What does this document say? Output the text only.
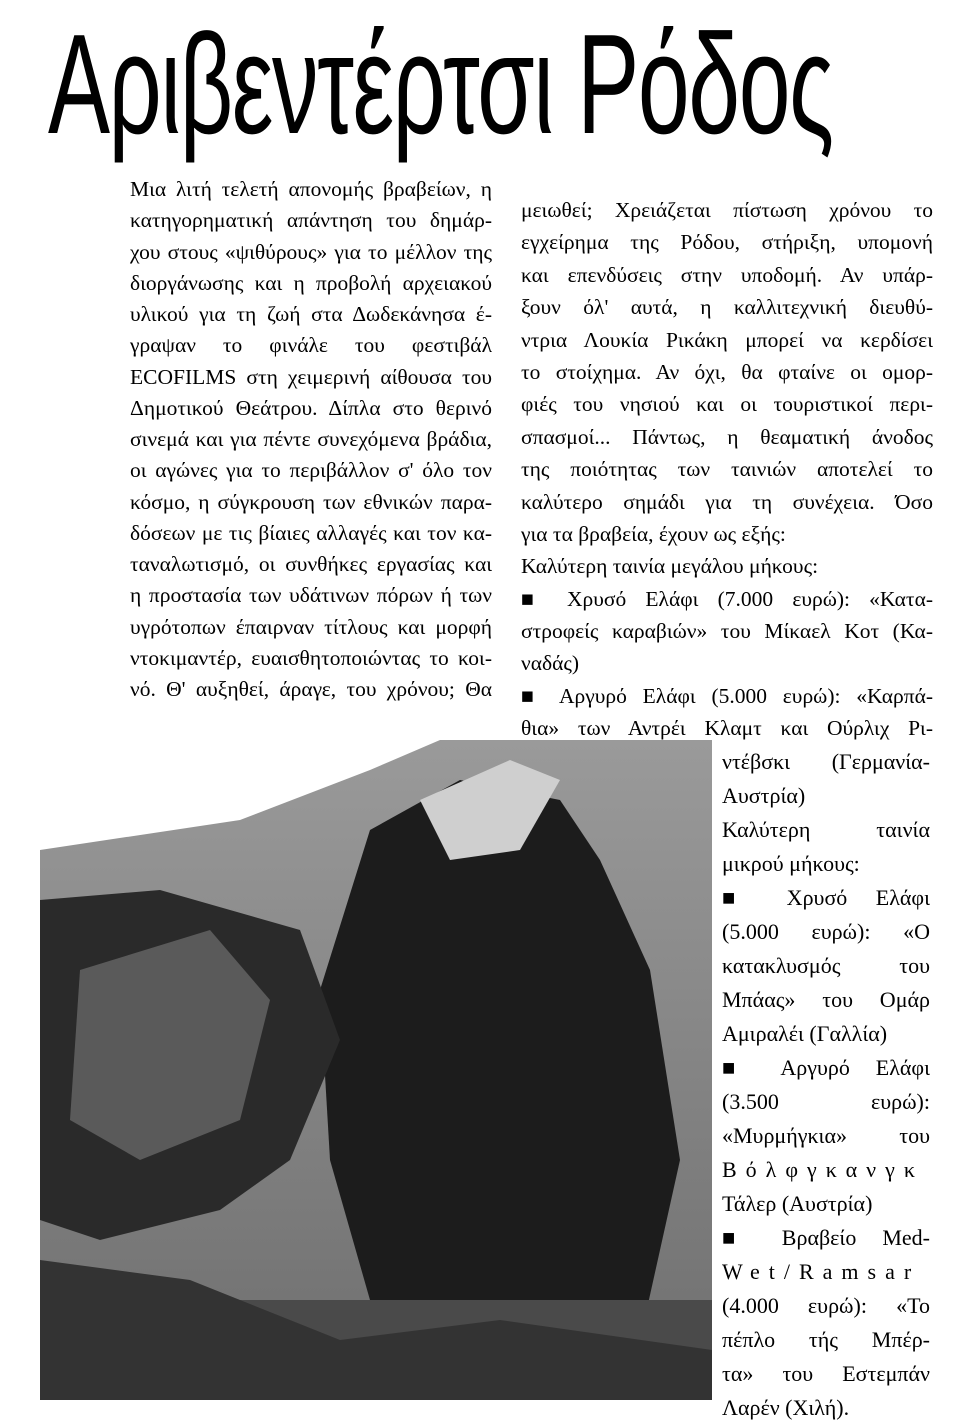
Αριβεντέρτσι Ρόδος
Μια λιτή τελετή απονομής βραβείων, η
κατηγορηματική απάντηση του δημάρ-
χου στους «ψιθύρους» για το μέλλον της
διοργάνωσης και η προβολή αρχειακού
υλικού για τη ζωή στα Δωδεκάνησα έ-
γραψαν το φινάλε του φεστιβάλ
ECOFILMS στη χειμερινή αίθουσα του
Δημοτικού Θεάτρου. Δίπλα στο θερινό
σινεμά και για πέντε συνεχόμενα βράδια,
οι αγώνες για το περιβάλλον σ' όλο τον
κόσμο, η σύγκρουση των εθνικών παρα-
δόσεων με τις βίαιες αλλαγές και τον κα-
ταναλωτισμό, οι συνθήκες εργασίας και
η προστασία των υδάτινων πόρων ή των
υγρότοπων έπαιρναν τίτλους και μορφή
ντοκιμαντέρ, ευαισθητοποιώντας το κοι-
νό. Θ' αυξηθεί, άραγε, του χρόνου; Θα
μειωθεί; Χρειάζεται πίστωση χρόνου το
εγχείρημα της Ρόδου, στήριξη, υπομονή
και επενδύσεις στην υποδομή. Αν υπάρ-
ξουν όλ' αυτά, η καλλιτεχνική διευθύ-
ντρια Λουκία Ρικάκη μπορεί να κερδίσει
το στοίχημα. Αν όχι, θα φταίνε οι ομορ-
φιές του νησιού και οι τουριστικοί περι-
σπασμοί... Πάντως, η θεαματική άνοδος
της ποιότητας των ταινιών αποτελεί το
καλύτερο σημάδι για τη συνέχεια. Όσο
για τα βραβεία, έχουν ως εξής:
Καλύτερη ταινία μεγάλου μήκους:
■ Χρυσό Ελάφι (7.000 ευρώ): «Κατα-
στροφείς καραβιών» του Μίκαελ Κοτ (Κα-
ναδάς)
■ Αργυρό Ελάφι (5.000 ευρώ): «Καρπά-
θια» των Αντρέι Κλαμτ και Ούρλιχ Ρι-
ντέβσκι (Γερμανία-
Αυστρία)
Καλύτερη ταινία
μικρού μήκους:
■ Χρυσό Ελάφι
(5.000 ευρώ): «Ο
κατακλυσμός του
Μπάας» του Ομάρ
Αμιραλέι (Γαλλία)
■ Αργυρό Ελάφι
(3.500 ευρώ):
«Μυρμήγκια» του
Βόλφγκανγκ
Τάλερ (Αυστρία)
■ Βραβείο Med-
Wet/Ramsar
(4.000 ευρώ): «Το
πέπλο τής Μπέρ-
τα» του Εστεμπάν
Λαρέν (Χιλή).
